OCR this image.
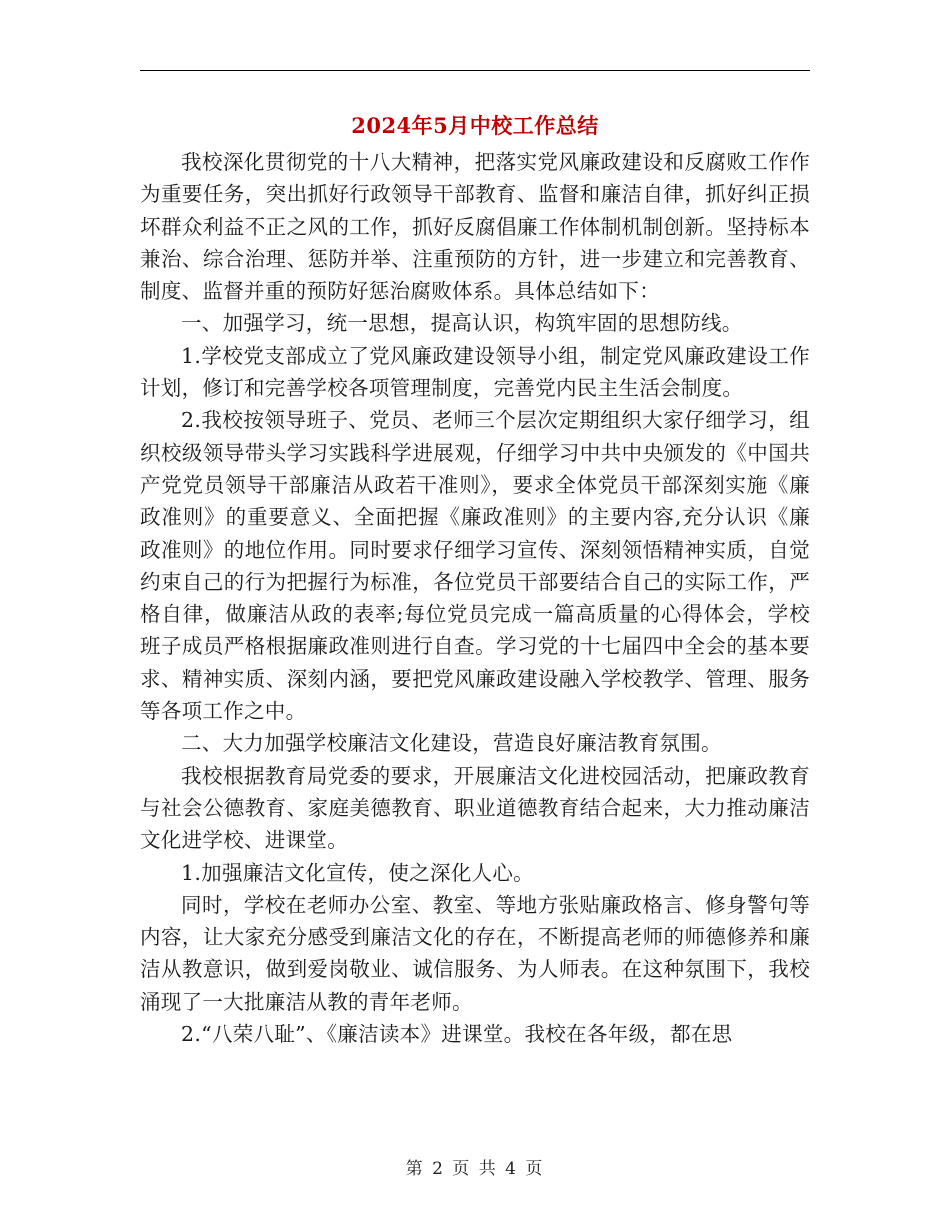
2024年5月中校工作总结

我校深化贯彻党的十八大精神，把落实党风廉政建设和反腐败工作作为重要任务，突出抓好行政领导干部教育、监督和廉洁自律，抓好纠正损坏群众利益不正之风的工作，抓好反腐倡廉工作体制机制创新。坚持标本兼治、综合治理、惩防并举、注重预防的方针，进一步建立和完善教育、制度、监督并重的预防好惩治腐败体系。具体总结如下：

一、加强学习，统一思想，提高认识，构筑牢固的思想防线。

1.学校党支部成立了党风廉政建设领导小组，制定党风廉政建设工作计划，修订和完善学校各项管理制度，完善党内民主生活会制度。

2.我校按领导班子、党员、老师三个层次定期组织大家仔细学习，组织校级领导带头学习实践科学进展观，仔细学习中共中央颁发的《中国共产党党员领导干部廉洁从政若干准则》，要求全体党员干部深刻实施《廉政准则》的重要意义、全面把握《廉政准则》的主要内容,充分认识《廉政准则》的地位作用。同时要求仔细学习宣传、深刻领悟精神实质，自觉约束自己的行为把握行为标准，各位党员干部要结合自己的实际工作，严格自律，做廉洁从政的表率;每位党员完成一篇高质量的心得体会，学校班子成员严格根据廉政准则进行自查。学习党的十七届四中全会的基本要求、精神实质、深刻内涵，要把党风廉政建设融入学校教学、管理、服务等各项工作之中。

二、大力加强学校廉洁文化建设，营造良好廉洁教育氛围。

我校根据教育局党委的要求，开展廉洁文化进校园活动，把廉政教育与社会公德教育、家庭美德教育、职业道德教育结合起来，大力推动廉洁文化进学校、进课堂。

1.加强廉洁文化宣传，使之深化人心。

同时，学校在老师办公室、教室、等地方张贴廉政格言、修身警句等内容，让大家充分感受到廉洁文化的存在，不断提高老师的师德修养和廉洁从教意识，做到爱岗敬业、诚信服务、为人师表。在这种氛围下，我校涌现了一大批廉洁从教的青年老师。

2.“八荣八耻”、《廉洁读本》进课堂。我校在各年级，都在思

第 2 页 共 4 页
